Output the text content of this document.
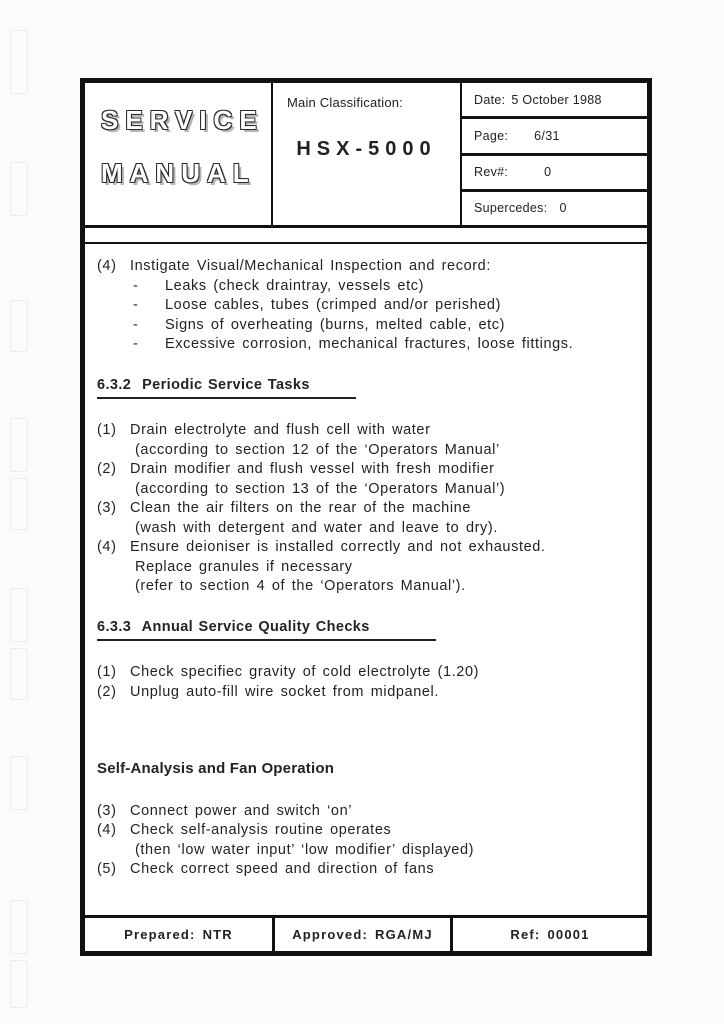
SERVICE
MANUAL
Main Classification:
HSX-5000
Date: 5 October 1988
Page: 6/31
Rev#:	0
Supercedes: 0
(4) Instigate Visual/Mechanical Inspection and record:
-	Leaks (check draintray, vessels etc)
-	Loose cables, tubes (crimped and/or perished)
-	Signs of overheating (burns, melted cable, etc)
-	Excessive corrosion, mechanical fractures, loose fittings.
6.3.2  Periodic Service Tasks
(1) Drain electrolyte and flush cell with water
(according to section 12 of the ‘Operators Manual’
(2) Drain modifier and flush vessel with fresh modifier
(according to section 13 of the ‘Operators Manual’)
(3) Clean the air filters on the rear of the machine
(wash with detergent and water and leave to dry).
(4) Ensure deioniser is installed correctly and not exhausted.
Replace granules if necessary
(refer to section 4 of the ‘Operators Manual’).
6.3.3  Annual Service Quality Checks
(1) Check specifiec gravity of cold electrolyte (1.20)
(2) Unplug auto-fill wire socket from midpanel.
Self-Analysis and Fan Operation
(3) Connect power and switch ‘on’
(4) Check self-analysis routine operates
(then ‘low water input’ ‘low modifier’ displayed)
(5) Check correct speed and direction of fans
Prepared: NTR	Approved: RGA/MJ	Ref: 00001
